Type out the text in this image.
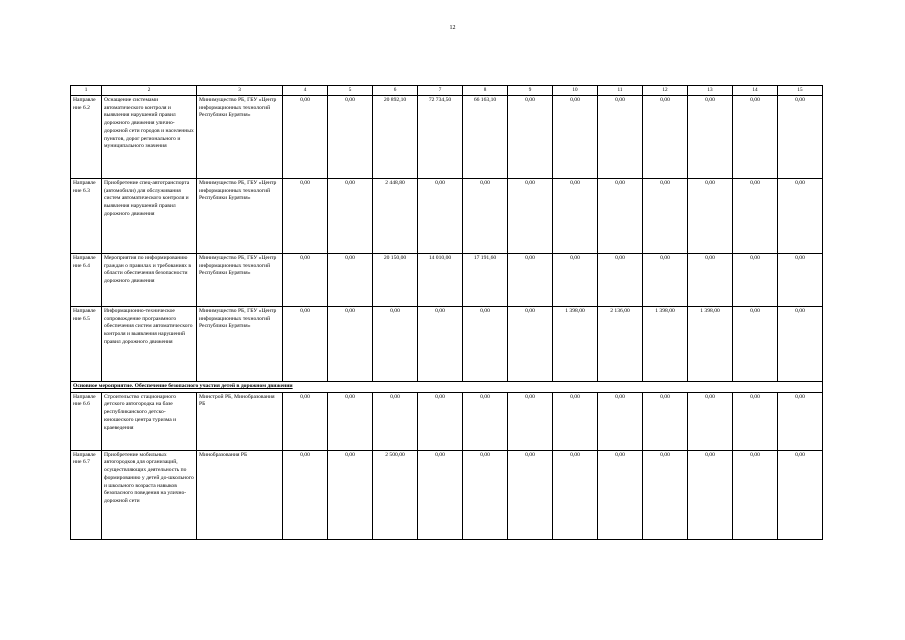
12
1	2	3	4	5	6	7	8	9	10	11	12	13	14	15
Направле ние 6.2	Оснащение системами автоматического контроля и выявления нарушений правил дорожного движения улично-дорожной сети городов и населенных пунктов, дорог регионального и муниципального значения	Минимущество РБ, ГБУ «Центр информационных технологий Республики Бурятия»	0,00	0,00	20 892,10	72 734,50	66 163,10	0,00	0,00	0,00	0,00	0,00	0,00	0,00
Направле ние 6.3	Приобретение спец-автотранспорта (автомобили) для обслуживания систем автоматического контроля и выявления нарушений правил дорожного движения	Минимущество РБ, ГБУ «Центр информационных технологий Республики Бурятия»	0,00	0,00	2 448,80	0,00	0,00	0,00	0,00	0,00	0,00	0,00	0,00	0,00
Направле ние 6.4	Мероприятия по информированию граждан о правилах и требованиях в области обеспечения безопасности дорожного движения	Минимущество РБ, ГБУ «Центр информационных технологий Республики Бурятия»	0,00	0,00	20 150,00	14 010,00	17 191,60	0,00	0,00	0,00	0,00	0,00	0,00	0,00
Направле ние 6.5	Информационно-техническое сопровождение программного обеспечения систем автоматического контроля и выявления нарушений правил дорожного движения	Минимущество РБ, ГБУ «Центр информационных технологий Республики Бурятия»	0,00	0,00	0,00	0,00	0,00	0,00	1 398,00	2 136,00	1 398,00	1 398,00	0,00	0,00
Основное мероприятие. Обеспечение безопасного участия детей в дорожном движении														
Направле ние 6.6	Строительство стационарного детского автогородка на базе республиканского детско-юношеского центра туризма и краеведения	Минстрой РБ, Минобразования РБ	0,00	0,00	0,00	0,00	0,00	0,00	0,00	0,00	0,00	0,00	0,00	0,00
Направле ние 6.7	Приобретение мобильных автогородков для организаций, осуществляющих деятельность по формированию у детей до-школьного и школьного возраста навыков безопасного поведения на улично-дорожной сети	Минобразования РБ	0,00	0,00	2 500,00	0,00	0,00	0,00	0,00	0,00	0,00	0,00	0,00	0,00
